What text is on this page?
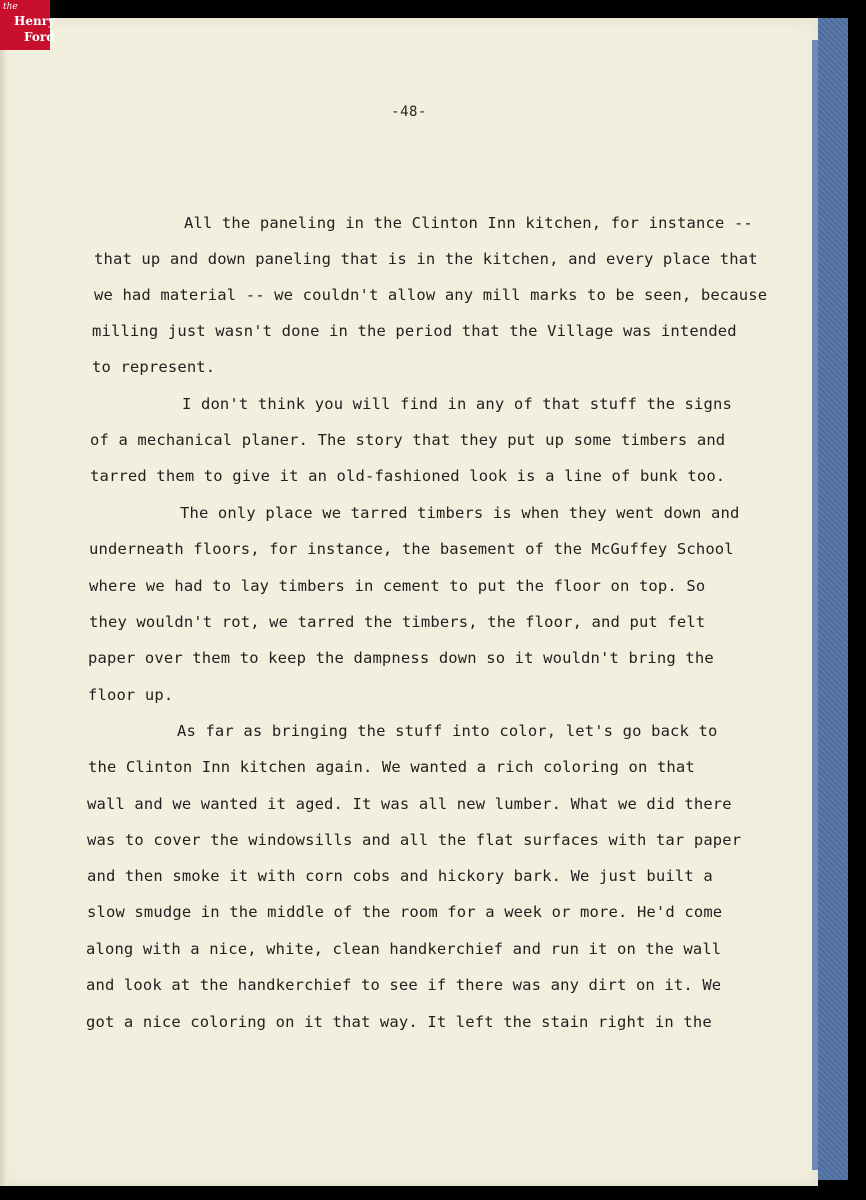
the
Henry
Ford
-48-
All the paneling in the Clinton Inn kitchen, for instance --
that up and down paneling that is in the kitchen, and every place that
we had material -- we couldn't allow any mill marks to be seen, because
milling just wasn't done in the period that the Village was intended
to represent.
I don't think you will find in any of that stuff the signs
of a mechanical planer. The story that they put up some timbers and
tarred them to give it an old-fashioned look is a line of bunk too.
The only place we tarred timbers is when they went down and
underneath floors, for instance, the basement of the McGuffey School
where we had to lay timbers in cement to put the floor on top. So
they wouldn't rot, we tarred the timbers, the floor, and put felt
paper over them to keep the dampness down so it wouldn't bring the
floor up.
As far as bringing the stuff into color, let's go back to
the Clinton Inn kitchen again. We wanted a rich coloring on that
wall and we wanted it aged. It was all new lumber. What we did there
was to cover the windowsills and all the flat surfaces with tar paper
and then smoke it with corn cobs and hickory bark. We just built a
slow smudge in the middle of the room for a week or more. He'd come
along with a nice, white, clean handkerchief and run it on the wall
and look at the handkerchief to see if there was any dirt on it. We
got a nice coloring on it that way. It left the stain right in the
